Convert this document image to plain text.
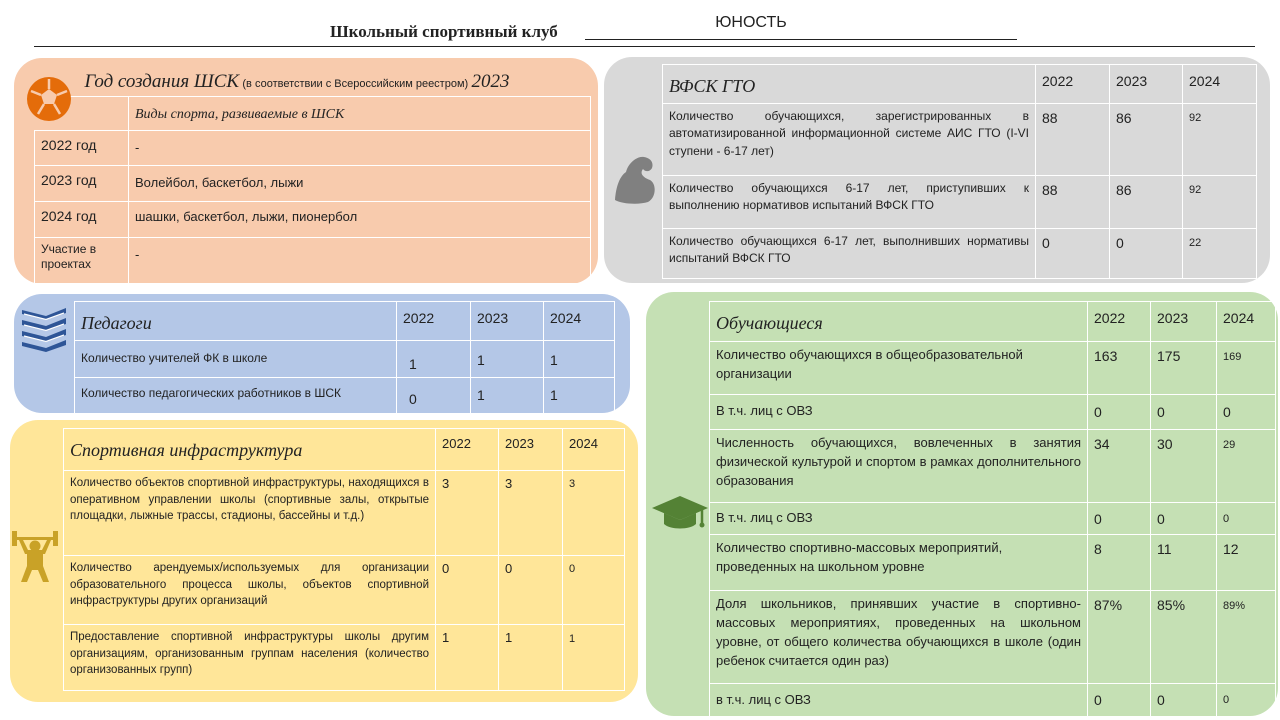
Школьный спортивный клуб	ЮНОСТЬ
Год создания ШСК (в соответствии с Всероссийским реестром) 2023	
	Виды спорта, развиваемые в ШСК
2022 год	-
2023 год	Волейбол, баскетбол, лыжи
2024 год	шашки, баскетбол, лыжи, пионербол
Участие в проектах	-
ВФСК ГТО	2022	2023	2024
Количество обучающихся, зарегистрированных в автоматизированной информационной системе АИС ГТО (I-VI ступени - 6-17 лет)	88	86	92
Количество обучающихся 6-17 лет, приступивших к выполнению нормативов испытаний ВФСК ГТО	88	86	92
Количество обучающихся 6-17 лет, выполнивших нормативы испытаний ВФСК ГТО	0	0	22
Педагоги	2022	2023	2024
Количество учителей ФК в школе	1	1	1
Количество педагогических работников в ШСК	0	1	1
Спортивная инфраструктура	2022	2023	2024
Количество объектов спортивной инфраструктуры, находящихся в оперативном управлении школы (спортивные залы, открытые площадки, лыжные трассы, стадионы, бассейны и т.д.)	3	3	3
Количество арендуемых/используемых для организации образовательного процесса школы, объектов спортивной инфраструктуры других организаций	0	0	0
Предоставление спортивной инфраструктуры школы другим организациям, организованным группам населения (количество организованных групп)	1	1	1
Обучающиеся	2022	2023	2024
Количество обучающихся в общеобразовательной организации	163	175	169
В т.ч. лиц с ОВЗ	0	0	0
Численность обучающихся, вовлеченных в занятия физической культурой и спортом в рамках дополнительного образования	34	30	29
В т.ч. лиц с ОВЗ	0	0	0
Количество спортивно-массовых мероприятий, проведенных на школьном уровне	8	11	12
Доля школьников, принявших участие в спортивно-массовых мероприятиях, проведенных на школьном уровне, от общего количества обучающихся в школе (один ребенок считается один раз)	87%	85%	89%
в т.ч. лиц с ОВЗ	0	0	0
